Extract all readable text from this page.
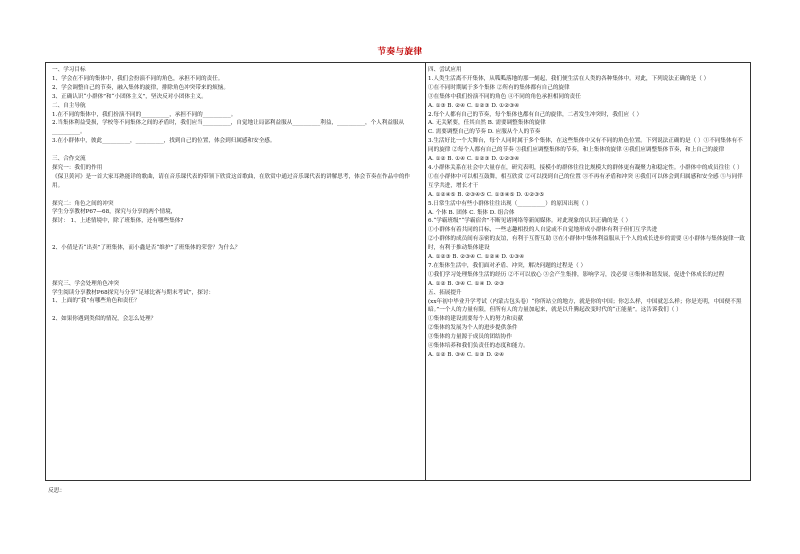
节奏与旋律
一、学习目标
1、学会在不同的集体中，我们会扮演不同的角色，承担不同的责任。
2、学会调整自己的节奏，融入集体的旋律，排除角色冲突带来的烦恼。
3、正确认识“小群体”和“小团体主义”，坚决反对小团体主义。
二、自主导航
1.在不同的集体中，我们扮演不同的__________，承担不同的__________。
2.当集体利益受损，学校等不同集体之间的矛盾时，我们应当__________，自觉地让局部利益服从__________利益，__________，个人利益服从__________。
3.在小群体中，彼此__________，__________，找到自己的位置，体会到归属感和安全感。
三、合作交流
探究一：我们的作用
《保卫黄河》是一首大家耳熟能详的歌曲，请在音乐课代表的带领下欣赏这首歌曲，在欣赏中通过音乐课代表的讲解思考，体会节奏在作品中的作用。
探究二：角色之间的冲突
学生分享教材P67—68，探究与分享的两个情境，
探讨： 1、上述情境中，除了班集体，还有哪些集体?
2、小倩是否“出卖”了班集体，而小鑫是否“维护”了班集体的荣誉？为什么？
探究三、学会处理角色冲突
学生阅读分享教材P68探究与分享“足球比赛与期末考试”，探讨：
1、上面的“我”有哪些角色和责任？
2、如果你遇到类似的情况，会怎么处理？
四、尝试应用
1.人类生活离不开集体，从呱呱落地的那一刻起，我们便生活在人类的各种集体中。对此，下列说法正确的是（ ）
①在不同时期属于多个集体 ②所有的集体都有自己的旋律
③在集体中我们扮演不同的角色 ④不同的角色承担相同的责任
A. ①③ B. ②④ C. ①②③ D. ①②③④
2.每个人都有自己的节奏，每个集体也都有自己的旋律，二者发生冲突时，我们应（ ）
A. 无关紧要，任其自然 B. 需要调整集体的旋律
C. 需要调整自己的节奏 D. 应服从个人的节奏
3.生活好比一个大舞台，每个人同时属于多个集体，在这些集体中又有不同的角色位置。下列说法正确的是（ ）①不同集体有不同的旋律 ②每个人都有自己的节奏 ③我们应调整集体的节奏，和上集体的旋律 ④我们应调整集体节奏，和上自己的旋律
A. ①② B. ①④ C. ①②③ D. ①②③④
4.小群体关系在社会中大量存在，研究表明，接模小的群体往往比规模大的群体更有凝聚力和稳定性。小群体中的成员往往（ ）
①在小群体中可以相互鼓舞，相互欣赏 ②可以找到自己的位置 ③不再有矛盾和冲突 ④我们可以体会到归属感和安全感 ⑤与同伴互学共进，增长才干
A. ①②④⑤ B. ②③④⑤ C. ①③④⑤ D. ①②③⑤
5.日常生活中有些小群体往往出现（__________）的原因出现（ ）
A. 个体 B. 团体 C. 集体 D. 组合体
6.“学霸班级”“学霸宿舍”不断见诸网络等新闻媒体。对此现象的认识正确的是（ ）
①小群体有着共同的目标，一些志趣相投的人自觉或不自觉地形成小群体有利于但们互学共进
②小群体的成员间有亲密的友谊，有利于互帮互助 ③在小群体中集体利益服从于个人的成长进步的需要 ④小群体与集体旋律一致时，有利于推动集体建设
A. ①②③ B. ②③④ C. ①②④ D. ①③④
7.在集体生活中，我们面对矛盾、冲突，解决问题的过程是（ ）
①我们学习处理集体生活的经历 ②不可以放心 ③会产生集排，影响学习，没必要 ④集体和谐发展，促进个体成长的过程
A. ①② B. ③④ C. ①④ D. ②③
五、拓展提升
(xx年初中毕业升学考试（内蒙古包头卷）“你所站立的地方，就是你的中国；你怎么样，中国就怎么样；你是光明，中国便不黑暗。”一个人的力量有限，但所有人的力量加起来，就是以升腾起改变时代的“正能量”。这告诉我们（ ）
①集体的建设需要每个人的努力和贡献
②集体的发展为个人的进步提供条件
③集体的力量源于成员的团结协作
④集体培养和我们负责任的态度和能力。
A. ①② B. ③④ C. ①③ D. ②④
反思：
